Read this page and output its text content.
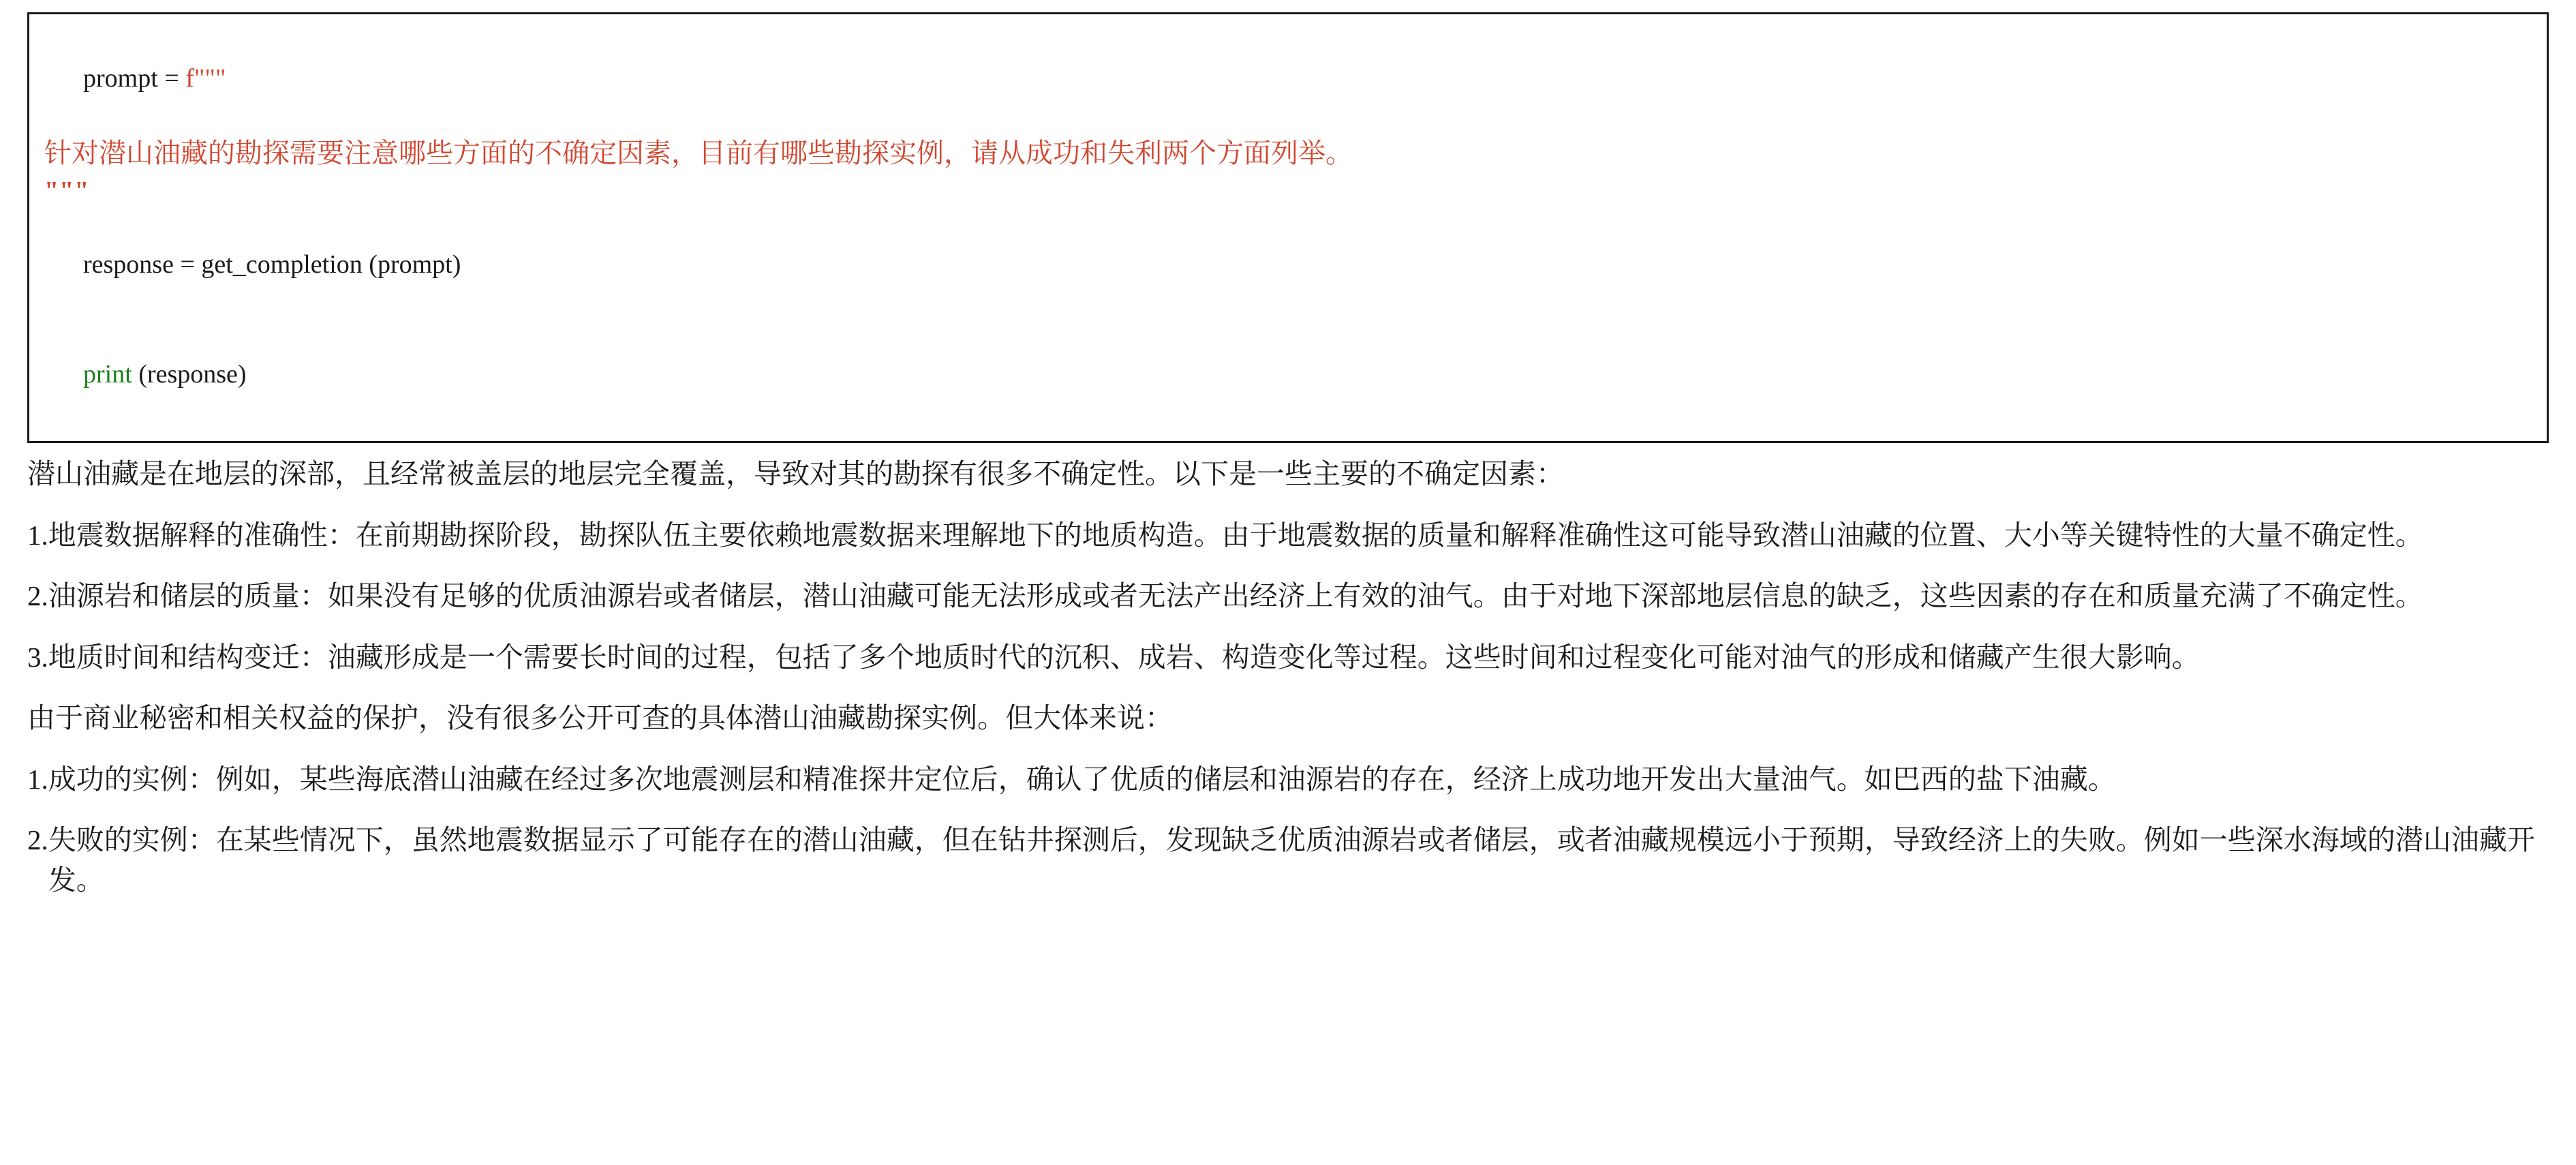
prompt = f"""

针对潜山油藏的勘探需要注意哪些方面的不确定因素，目前有哪些勘探实例，请从成功和失利两个方面列举。
"""

response = get_completion (prompt)

print (response)

潜山油藏是在地层的深部，且经常被盖层的地层完全覆盖，导致对其的勘探有很多不确定性。以下是一些主要的不确定因素：

1. 地震数据解释的准确性：在前期勘探阶段，勘探队伍主要依赖地震数据来理解地下的地质构造。由于地震数据的质量和解释准确性这可能导致潜山油藏的位置、大小等关键特性的大量不确定性。
2. 油源岩和储层的质量：如果没有足够的优质油源岩或者储层，潜山油藏可能无法形成或者无法产出经济上有效的油气。由于对地下深部地层信息的缺乏，这些因素的存在和质量充满了不确定性。
3. 地质时间和结构变迁：油藏形成是一个需要长时间的过程，包括了多个地质时代的沉积、成岩、构造变化等过程。这些时间和过程变化可能对油气的形成和储藏产生很大影响。

由于商业秘密和相关权益的保护，没有很多公开可查的具体潜山油藏勘探实例。但大体来说：

1. 成功的实例：例如，某些海底潜山油藏在经过多次地震测层和精准探井定位后，确认了优质的储层和油源岩的存在，经济上成功地开发出大量油气。如巴西的盐下油藏。
2. 失败的实例：在某些情况下，虽然地震数据显示了可能存在的潜山油藏，但在钻井探测后，发现缺乏优质油源岩或者储层，或者油藏规模远小于预期，导致经济上的失败。例如一些深水海域的潜山油藏开发。
